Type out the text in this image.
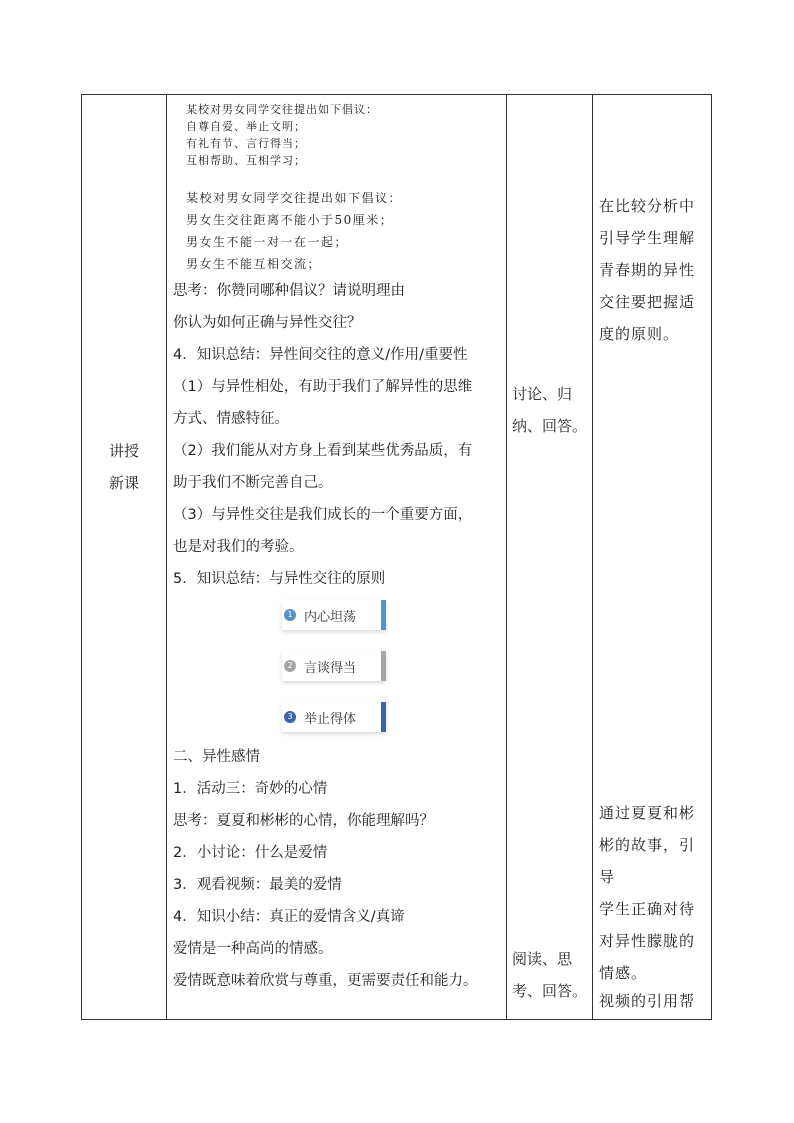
讲授
新课
某校对男女同学交往提出如下倡议：
自尊自爱、举止文明；
有礼有节、言行得当；
互相帮助、互相学习；
某校对男女同学交往提出如下倡议：
男女生交往距离不能小于50厘米；
男女生不能一对一在一起；
男女生不能互相交流；
思考：你赞同哪种倡议？请说明理由
你认为如何正确与异性交往？
4．知识总结：异性间交往的意义/作用/重要性
（1）与异性相处，有助于我们了解异性的思维
方式、情感特征。
（2）我们能从对方身上看到某些优秀品质，有
助于我们不断完善自己。
（3）与异性交往是我们成长的一个重要方面，
也是对我们的考验。
5．知识总结：与异性交往的原则
1 内心坦荡
2 言谈得当
3 举止得体
二、异性感情
1．活动三：奇妙的心情
思考：夏夏和彬彬的心情，你能理解吗？
2．小讨论：什么是爱情
3．观看视频：最美的爱情
4．知识小结：真正的爱情含义/真谛
爱情是一种高尚的情感。
爱情既意味着欣赏与尊重，更需要责任和能力。
讨论、归
纳、回答。
阅读、思
考、回答。
在比较分析中
引导学生理解
青春期的异性
交往要把握适
度的原则。
通过夏夏和彬
彬的故事，引导
学生正确对待
对异性朦胧的
情感。
视频的引用帮
